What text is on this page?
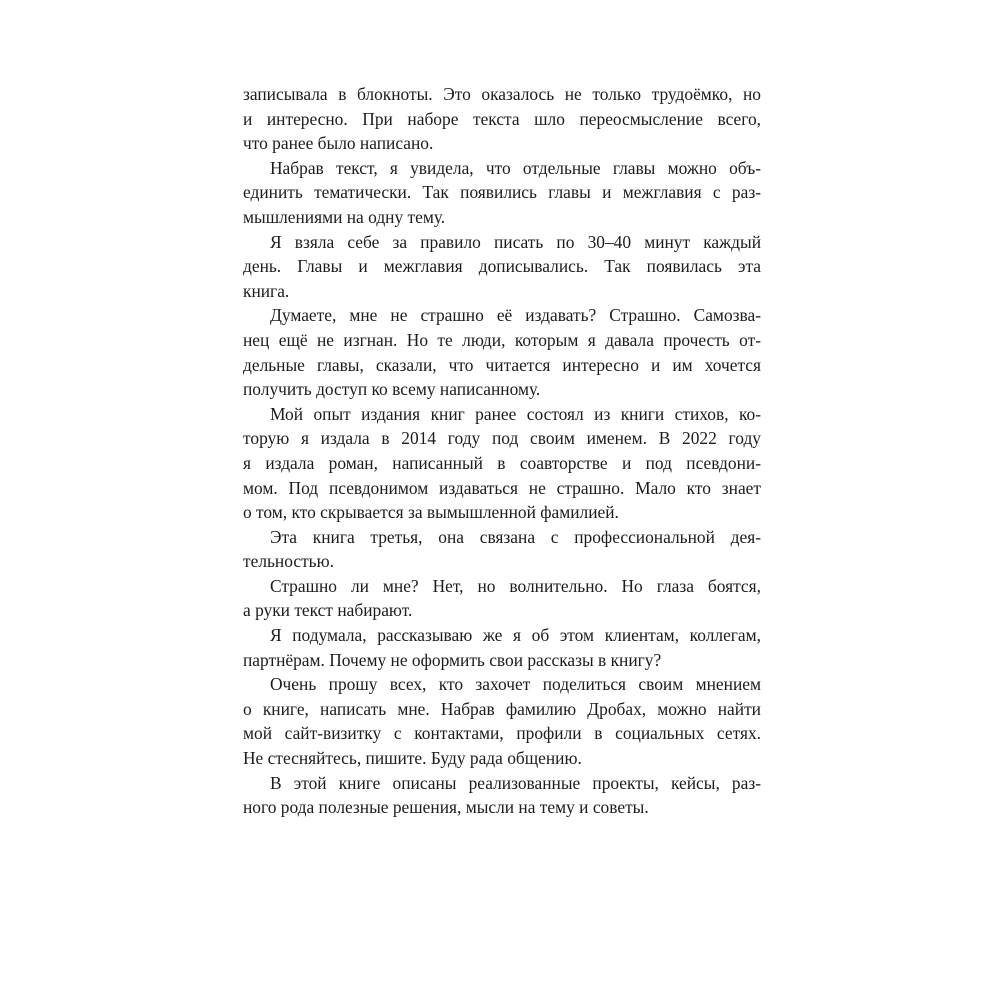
записывала в блокноты. Это оказалось не только трудоёмко, но
и интересно. При наборе текста шло переосмысление всего,
что ранее было написано.
Набрав текст, я увидела, что отдельные главы можно объ-
единить тематически. Так появились главы и межглавия с раз-
мышлениями на одну тему.
Я взяла себе за правило писать по 30–40 минут каждый
день. Главы и межглавия дописывались. Так появилась эта
книга.
Думаете, мне не страшно её издавать? Страшно. Самозва-
нец ещё не изгнан. Но те люди, которым я давала прочесть от-
дельные главы, сказали, что читается интересно и им хочется
получить доступ ко всему написанному.
Мой опыт издания книг ранее состоял из книги стихов, ко-
торую я издала в 2014 году под своим именем. В 2022 году
я издала роман, написанный в соавторстве и под псевдони-
мом. Под псевдонимом издаваться не страшно. Мало кто знает
о том, кто скрывается за вымышленной фамилией.
Эта книга третья, она связана с профессиональной дея-
тельностью.
Страшно ли мне? Нет, но волнительно. Но глаза боятся,
а руки текст набирают.
Я подумала, рассказываю же я об этом клиентам, коллегам,
партнёрам. Почему не оформить свои рассказы в книгу?
Очень прошу всех, кто захочет поделиться своим мнением
о книге, написать мне. Набрав фамилию Дробах, можно найти
мой сайт-визитку с контактами, профили в социальных сетях.
Не стесняйтесь, пишите. Буду рада общению.
В этой книге описаны реализованные проекты, кейсы, раз-
ного рода полезные решения, мысли на тему и советы.
